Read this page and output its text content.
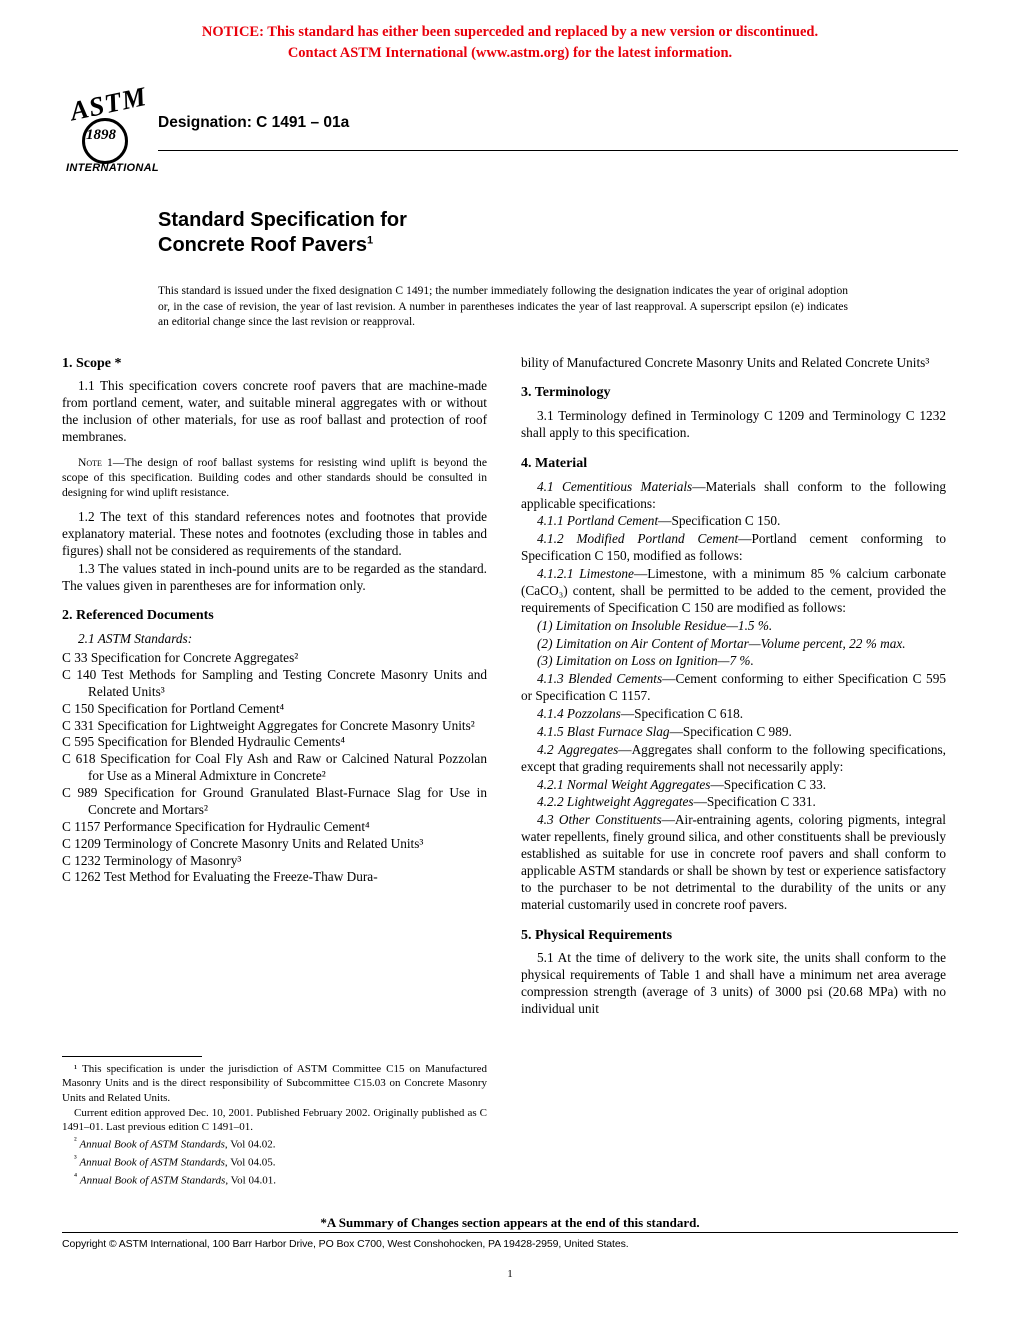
NOTICE: This standard has either been superceded and replaced by a new version or discontinued.
Contact ASTM International (www.astm.org) for the latest information.
ASTM
1898
INTERNATIONAL
Designation: C 1491 – 01a
Standard Specification for
Concrete Roof Pavers$^1$
This standard is issued under the fixed designation C 1491; the number immediately following the designation indicates the year of original adoption or, in the case of revision, the year of last revision. A number in parentheses indicates the year of last reapproval. A superscript epsilon (e) indicates an editorial change since the last revision or reapproval.
1. Scope *

1.1 This specification covers concrete roof pavers that are machine-made from portland cement, water, and suitable mineral aggregates with or without the inclusion of other materials, for use as roof ballast and protection of roof membranes.

Note 1—The design of roof ballast systems for resisting wind uplift is beyond the scope of this specification. Building codes and other standards should be consulted in designing for wind uplift resistance.

1.2 The text of this standard references notes and footnotes that provide explanatory material. These notes and footnotes (excluding those in tables and figures) shall not be considered as requirements of the standard.

1.3 The values stated in inch-pound units are to be regarded as the standard. The values given in parentheses are for information only.

2. Referenced Documents

2.1 ASTM Standards:

C 33 Specification for Concrete Aggregates²

C 140 Test Methods for Sampling and Testing Concrete Masonry Units and Related Units³

C 150 Specification for Portland Cement⁴

C 331 Specification for Lightweight Aggregates for Concrete Masonry Units²

C 595 Specification for Blended Hydraulic Cements⁴

C 618 Specification for Coal Fly Ash and Raw or Calcined Natural Pozzolan for Use as a Mineral Admixture in Concrete²

C 989 Specification for Ground Granulated Blast-Furnace Slag for Use in Concrete and Mortars²

C 1157 Performance Specification for Hydraulic Cement⁴

C 1209 Terminology of Concrete Masonry Units and Related Units³

C 1232 Terminology of Masonry³

C 1262 Test Method for Evaluating the Freeze-Thaw Dura-

bility of Manufactured Concrete Masonry Units and Related Concrete Units³

3. Terminology

3.1 Terminology defined in Terminology C 1209 and Terminology C 1232 shall apply to this specification.

4. Material

4.1 Cementitious Materials—Materials shall conform to the following applicable specifications:

4.1.1 Portland Cement—Specification C 150.

4.1.2 Modified Portland Cement—Portland cement conforming to Specification C 150, modified as follows:

4.1.2.1 Limestone—Limestone, with a minimum 85 % calcium carbonate (CaCO₃) content, shall be permitted to be added to the cement, provided the requirements of Specification C 150 are modified as follows:

(1) Limitation on Insoluble Residue—1.5 %.

(2) Limitation on Air Content of Mortar—Volume percent, 22 % max.

(3) Limitation on Loss on Ignition—7 %.

4.1.3 Blended Cements—Cement conforming to either Specification C 595 or Specification C 1157.

4.1.4 Pozzolans—Specification C 618.

4.1.5 Blast Furnace Slag—Specification C 989.

4.2 Aggregates—Aggregates shall conform to the following specifications, except that grading requirements shall not necessarily apply:

4.2.1 Normal Weight Aggregates—Specification C 33.

4.2.2 Lightweight Aggregates—Specification C 331.

4.3 Other Constituents—Air-entraining agents, coloring pigments, integral water repellents, finely ground silica, and other constituents shall be previously established as suitable for use in concrete roof pavers and shall conform to applicable ASTM standards or shall be shown by test or experience satisfactory to the purchaser to be not detrimental to the durability of the units or any material customarily used in concrete roof pavers.

5. Physical Requirements

5.1 At the time of delivery to the work site, the units shall conform to the physical requirements of Table 1 and shall have a minimum net area average compression strength (average of 3 units) of 3000 psi (20.68 MPa) with no individual unit

¹ This specification is under the jurisdiction of ASTM Committee C15 on Manufactured Masonry Units and is the direct responsibility of Subcommittee C15.03 on Concrete Masonry Units and Related Units.

Current edition approved Dec. 10, 2001. Published February 2002. Originally published as C 1491–01. Last previous edition C 1491–01.

$^{^2}$ Annual Book of ASTM Standards, Vol 04.02.

$^{^3}$ Annual Book of ASTM Standards, Vol 04.05.

$^{^4}$ Annual Book of ASTM Standards, Vol 04.01.

*A Summary of Changes section appears at the end of this standard.
Copyright © ASTM International, 100 Barr Harbor Drive, PO Box C700, West Conshohocken, PA 19428-2959, United States.
1
